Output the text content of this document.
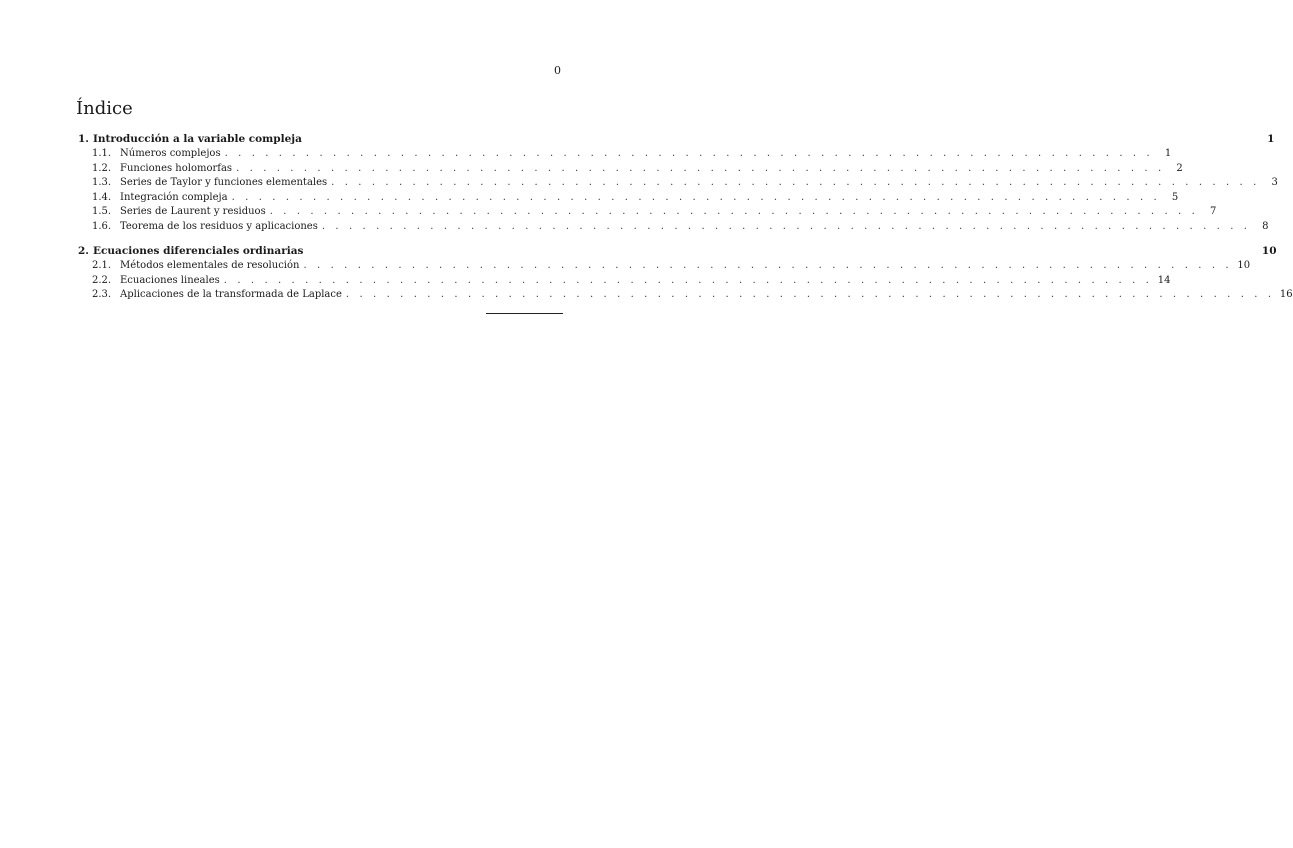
0
Índice
1. Introducción a la variable compleja	1
1.1. Números complejos . . . . . . . . . . . . . . . . . . . . . . . . . . . . . . . . . . . . . . . . . . . . . . . . . . . . . . . . . . . . . . . . . . . . .	1
1.2. Funciones holomorfas . . . . . . . . . . . . . . . . . . . . . . . . . . . . . . . . . . . . . . . . . . . . . . . . . . . . . . . . . . . . . . . . . . . . .	2
1.3. Series de Taylor y funciones elementales . . . . . . . . . . . . . . . . . . . . . . . . . . . . . . . . . . . . . . . . . . . . . . . . . . . . . . . . . . . . . . . . . . . . .	3
1.4. Integración compleja . . . . . . . . . . . . . . . . . . . . . . . . . . . . . . . . . . . . . . . . . . . . . . . . . . . . . . . . . . . . . . . . . . . . .	5
1.5. Series de Laurent y residuos . . . . . . . . . . . . . . . . . . . . . . . . . . . . . . . . . . . . . . . . . . . . . . . . . . . . . . . . . . . . . . . . . . . . .	7
1.6. Teorema de los residuos y aplicaciones . . . . . . . . . . . . . . . . . . . . . . . . . . . . . . . . . . . . . . . . . . . . . . . . . . . . . . . . . . . . . . . . . . . . .	8
2. Ecuaciones diferenciales ordinarias	10
2.1. Métodos elementales de resolución . . . . . . . . . . . . . . . . . . . . . . . . . . . . . . . . . . . . . . . . . . . . . . . . . . . . . . . . . . . . . . . . . . . . . 10
2.2. Ecuaciones lineales . . . . . . . . . . . . . . . . . . . . . . . . . . . . . . . . . . . . . . . . . . . . . . . . . . . . . . . . . . . . . . . . . . . . . 14
2.3. Aplicaciones de la transformada de Laplace . . . . . . . . . . . . . . . . . . . . . . . . . . . . . . . . . . . . . . . . . . . . . . . . . . . . . . . . . . . . . . . . . . . . . 16
